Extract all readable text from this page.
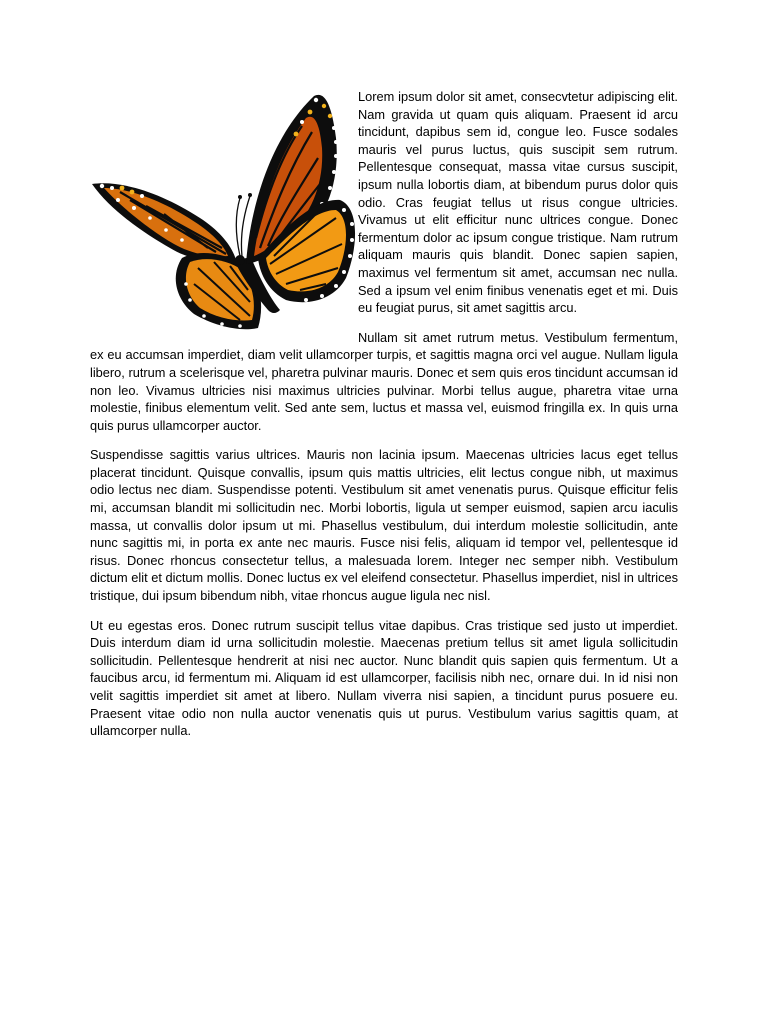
Lorem ipsum dolor sit amet, consecvtetur adipiscing elit. Nam gravida ut quam quis aliquam. Praesent id arcu tincidunt, dapibus sem id, congue leo. Fusce sodales mauris vel purus luctus, quis suscipit sem rutrum. Pellentesque consequat, massa vitae cursus suscipit, ipsum nulla lobortis diam, at bibendum purus dolor quis odio. Cras feugiat tellus ut risus congue ultricies. Vivamus ut elit efficitur nunc ultrices congue. Donec fermentum dolor ac ipsum congue tristique. Nam rutrum aliquam mauris quis blandit. Donec sapien sapien, maximus vel fermentum sit amet, accumsan nec nulla. Sed a ipsum vel enim finibus venenatis eget et mi. Duis eu feugiat purus, sit amet sagittis arcu.

Nullam sit amet rutrum metus. Vestibulum fermentum, ex eu accumsan imperdiet, diam velit ullamcorper turpis, et sagittis magna orci vel augue. Nullam ligula libero, rutrum a scelerisque vel, pharetra pulvinar mauris. Donec et sem quis eros tincidunt accumsan id non leo. Vivamus ultricies nisi maximus ultricies pulvinar. Morbi tellus augue, pharetra vitae urna molestie, finibus elementum velit. Sed ante sem, luctus et massa vel, euismod fringilla ex. In quis urna quis purus ullamcorper auctor.

Suspendisse sagittis varius ultrices. Mauris non lacinia ipsum. Maecenas ultricies lacus eget tellus placerat tincidunt. Quisque convallis, ipsum quis mattis ultricies, elit lectus congue nibh, ut maximus odio lectus nec diam. Suspendisse potenti. Vestibulum sit amet venenatis purus. Quisque efficitur felis mi, accumsan blandit mi sollicitudin nec. Morbi lobortis, ligula ut semper euismod, sapien arcu iaculis massa, ut convallis dolor ipsum ut mi. Phasellus vestibulum, dui interdum molestie sollicitudin, ante nunc sagittis mi, in porta ex ante nec mauris. Fusce nisi felis, aliquam id tempor vel, pellentesque id risus. Donec rhoncus consectetur tellus, a malesuada lorem. Integer nec semper nibh. Vestibulum dictum elit et dictum mollis. Donec luctus ex vel eleifend consectetur. Phasellus imperdiet, nisl in ultrices tristique, dui ipsum bibendum nibh, vitae rhoncus augue ligula nec nisl.

Ut eu egestas eros. Donec rutrum suscipit tellus vitae dapibus. Cras tristique sed justo ut imperdiet. Duis interdum diam id urna sollicitudin molestie. Maecenas pretium tellus sit amet ligula sollicitudin sollicitudin. Pellentesque hendrerit at nisi nec auctor. Nunc blandit quis sapien quis fermentum. Ut a faucibus arcu, id fermentum mi. Aliquam id est ullamcorper, facilisis nibh nec, ornare dui. In id nisi non velit sagittis imperdiet sit amet at libero. Nullam viverra nisi sapien, a tincidunt purus posuere eu. Praesent vitae odio non nulla auctor venenatis quis ut purus. Vestibulum varius sagittis quam, at ullamcorper nulla.
